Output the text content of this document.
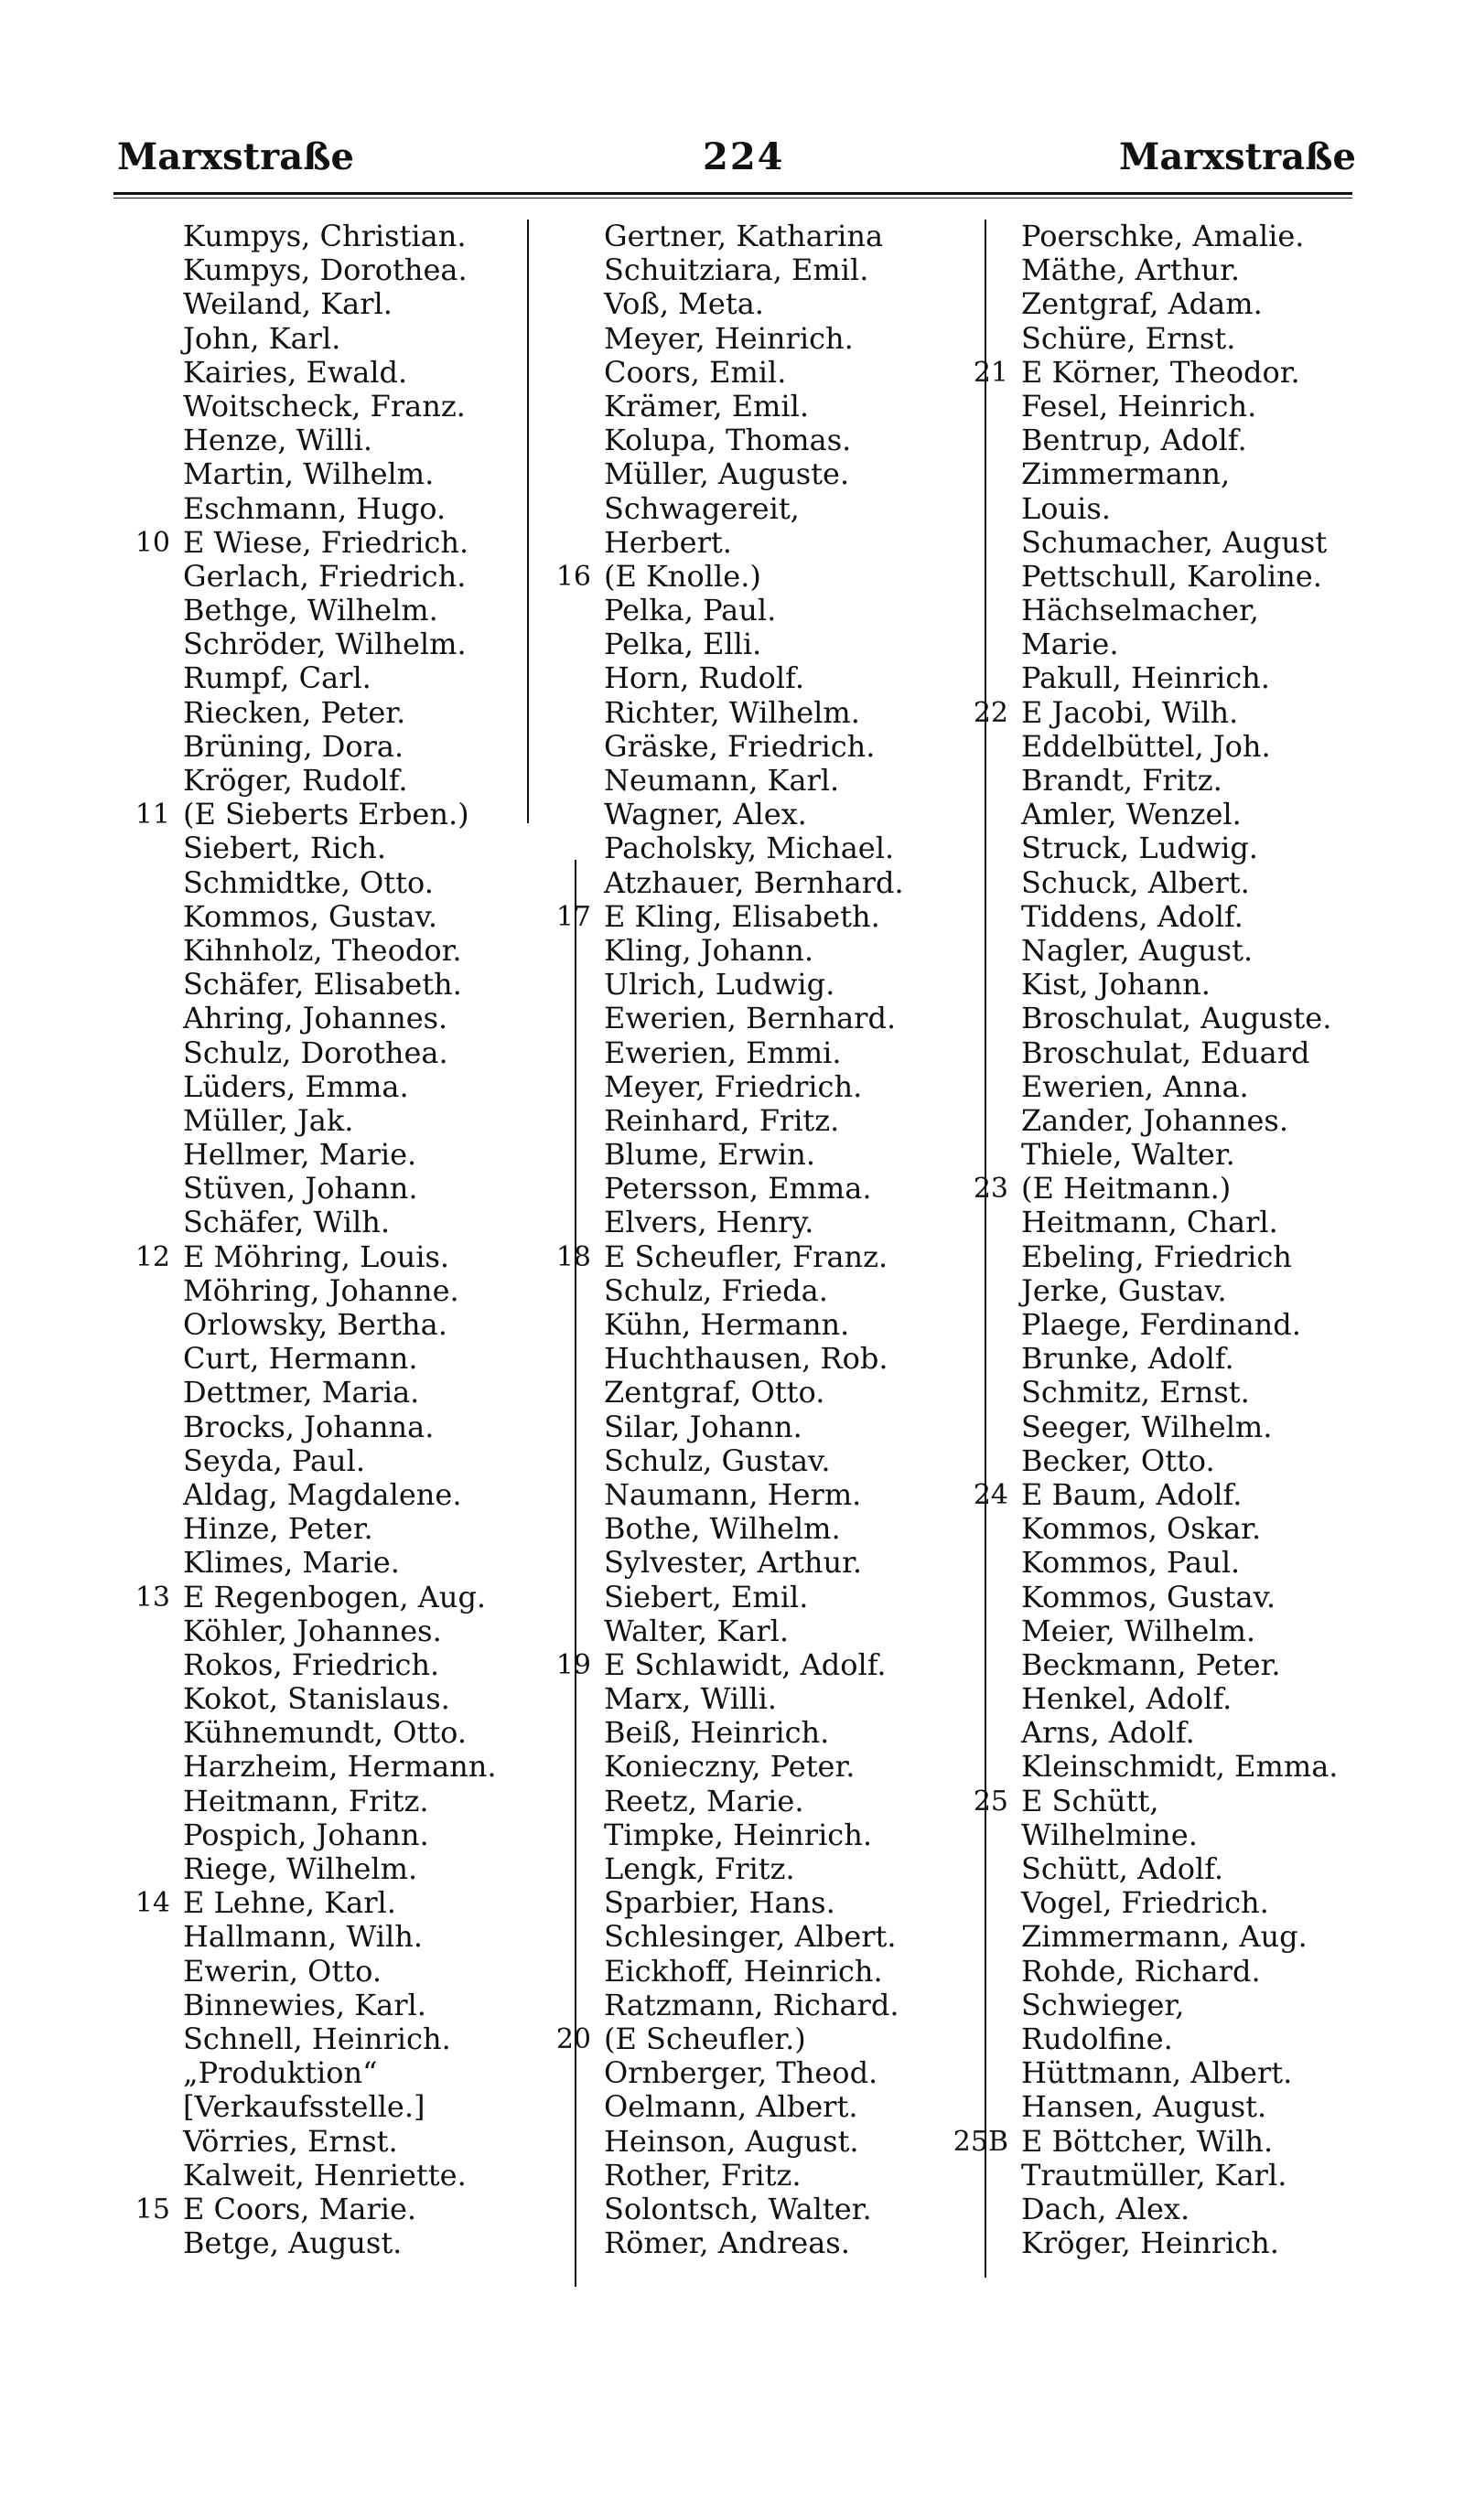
Marxstraße	224	Marxstraße
Kumpys, Christian.
Kumpys, Dorothea.
Weiland, Karl.
John, Karl.
Kairies, Ewald.
Woitscheck, Franz.
Henze, Willi.
Martin, Wilhelm.
Eschmann, Hugo.
10 E Wiese, Friedrich.
Gerlach, Friedrich.
Bethge, Wilhelm.
Schröder, Wilhelm.
Rumpf, Carl.
Riecken, Peter.
Brüning, Dora.
Kröger, Rudolf.
11 (E Sieberts Erben.)
Siebert, Rich.
Schmidtke, Otto.
Kommos, Gustav.
Kihnholz, Theodor.
Schäfer, Elisabeth.
Ahring, Johannes.
Schulz, Dorothea.
Lüders, Emma.
Müller, Jak.
Hellmer, Marie.
Stüven, Johann.
Schäfer, Wilh.
12 E Möhring, Louis.
Möhring, Johanne.
Orlowsky, Bertha.
Curt, Hermann.
Dettmer, Maria.
Brocks, Johanna.
Seyda, Paul.
Aldag, Magdalene.
Hinze, Peter.
Klimes, Marie.
13 E Regenbogen, Aug.
Köhler, Johannes.
Rokos, Friedrich.
Kokot, Stanislaus.
Kühnemundt, Otto.
Harzheim, Hermann.
Heitmann, Fritz.
Pospich, Johann.
Riege, Wilhelm.
14 E Lehne, Karl.
Hallmann, Wilh.
Ewerin, Otto.
Binnewies, Karl.
Schnell, Heinrich.
„Produktion“
[Verkaufsstelle.]
Vörries, Ernst.
Kalweit, Henriette.
15 E Coors, Marie.
Betge, August.
Gertner, Katharina
Schuitziara, Emil.
Voß, Meta.
Meyer, Heinrich.
Coors, Emil.
Krämer, Emil.
Kolupa, Thomas.
Müller, Auguste.
Schwagereit,
Herbert.
16 (E Knolle.)
Pelka, Paul.
Pelka, Elli.
Horn, Rudolf.
Richter, Wilhelm.
Gräske, Friedrich.
Neumann, Karl.
Wagner, Alex.
Pacholsky, Michael.
Atzhauer, Bernhard.
17 E Kling, Elisabeth.
Kling, Johann.
Ulrich, Ludwig.
Ewerien, Bernhard.
Ewerien, Emmi.
Meyer, Friedrich.
Reinhard, Fritz.
Blume, Erwin.
Petersson, Emma.
Elvers, Henry.
18 E Scheufler, Franz.
Schulz, Frieda.
Kühn, Hermann.
Huchthausen, Rob.
Zentgraf, Otto.
Silar, Johann.
Schulz, Gustav.
Naumann, Herm.
Bothe, Wilhelm.
Sylvester, Arthur.
Siebert, Emil.
Walter, Karl.
19 E Schlawidt, Adolf.
Marx, Willi.
Beiß, Heinrich.
Konieczny, Peter.
Reetz, Marie.
Timpke, Heinrich.
Lengk, Fritz.
Sparbier, Hans.
Schlesinger, Albert.
Eickhoff, Heinrich.
Ratzmann, Richard.
20 (E Scheufler.)
Ornberger, Theod.
Oelmann, Albert.
Heinson, August.
Rother, Fritz.
Solontsch, Walter.
Römer, Andreas.
Poerschke, Amalie.
Mäthe, Arthur.
Zentgraf, Adam.
Schüre, Ernst.
21 E Körner, Theodor.
Fesel, Heinrich.
Bentrup, Adolf.
Zimmermann,
Louis.
Schumacher, August
Pettschull, Karoline.
Hächselmacher,
Marie.
Pakull, Heinrich.
22 E Jacobi, Wilh.
Eddelbüttel, Joh.
Brandt, Fritz.
Amler, Wenzel.
Struck, Ludwig.
Schuck, Albert.
Tiddens, Adolf.
Nagler, August.
Kist, Johann.
Broschulat, Auguste.
Broschulat, Eduard
Ewerien, Anna.
Zander, Johannes.
Thiele, Walter.
23 (E Heitmann.)
Heitmann, Charl.
Ebeling, Friedrich
Jerke, Gustav.
Plaege, Ferdinand.
Brunke, Adolf.
Schmitz, Ernst.
Seeger, Wilhelm.
Becker, Otto.
24 E Baum, Adolf.
Kommos, Oskar.
Kommos, Paul.
Kommos, Gustav.
Meier, Wilhelm.
Beckmann, Peter.
Henkel, Adolf.
Arns, Adolf.
Kleinschmidt, Emma.
25 E Schütt,
Wilhelmine.
Schütt, Adolf.
Vogel, Friedrich.
Zimmermann, Aug.
Rohde, Richard.
Schwieger,
Rudolfine.
Hüttmann, Albert.
Hansen, August.
25B E Böttcher, Wilh.
Trautmüller, Karl.
Dach, Alex.
Kröger, Heinrich.
